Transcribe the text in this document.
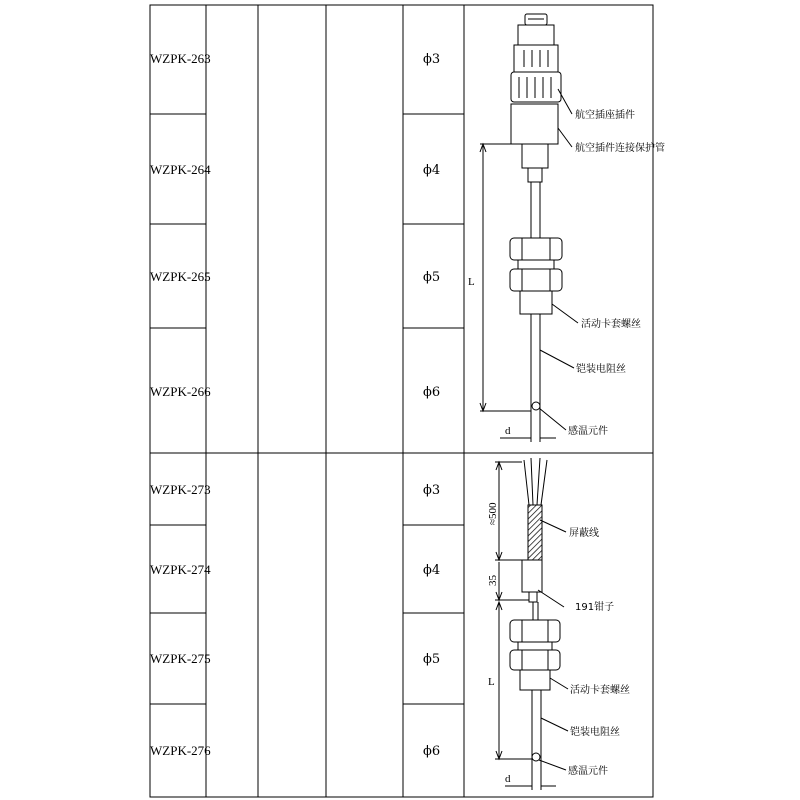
WZPK-263
WZPK-264
WZPK-265
WZPK-266
WZPK-273
WZPK-274
WZPK-275
WZPK-276
ϕ3
ϕ4
ϕ5
ϕ6
ϕ3
ϕ4
ϕ5
ϕ6
航空插座插件
航空插件连接保护管
L
活动卡套螺丝
铠装电阻丝
d	感温元件
≈500
屏蔽线
35
191钳子
L
活动卡套螺丝
铠装电阻丝
d
感温元件
